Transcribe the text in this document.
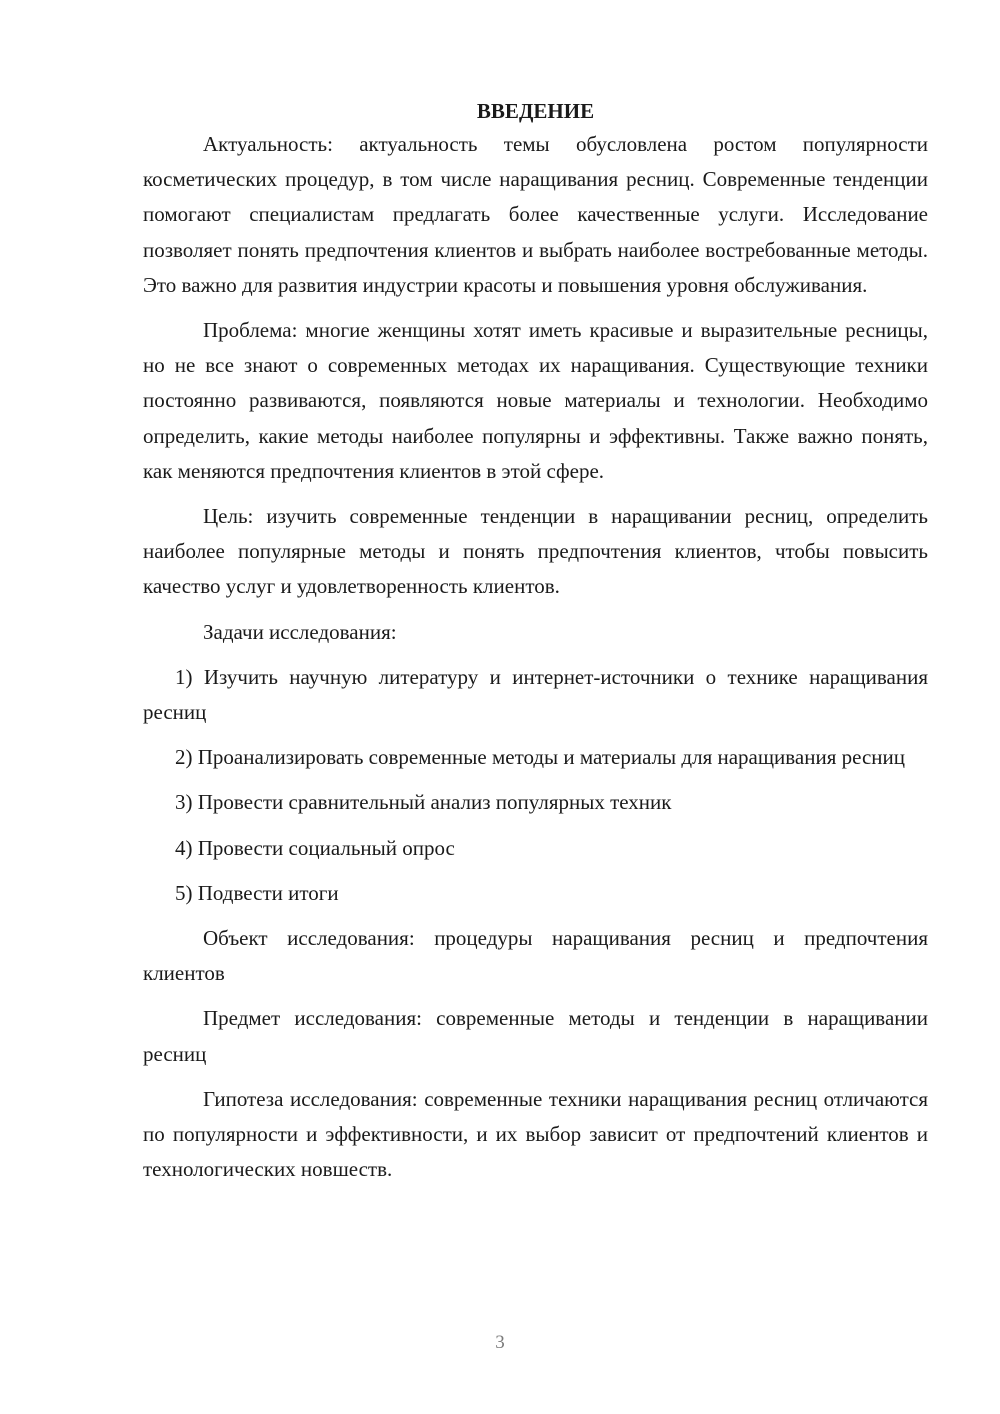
ВВЕДЕНИЕ

Актуальность: актуальность темы обусловлена ростом популярности косметических процедур, в том числе наращивания ресниц. Современные тенденции помогают специалистам предлагать более качественные услуги. Исследование позволяет понять предпочтения клиентов и выбрать наиболее востребованные методы. Это важно для развития индустрии красоты и повышения уровня обслуживания.

Проблема: многие женщины хотят иметь красивые и выразительные ресницы, но не все знают о современных методах их наращивания. Существующие техники постоянно развиваются, появляются новые материалы и технологии. Необходимо определить, какие методы наиболее популярны и эффективны. Также важно понять, как меняются предпочтения клиентов в этой сфере.

Цель: изучить современные тенденции в наращивании ресниц, определить наиболее популярные методы и понять предпочтения клиентов, чтобы повысить качество услуг и удовлетворенность клиентов.

Задачи исследования:

1) Изучить научную литературу и интернет-источники о технике наращивания ресниц

2) Проанализировать современные методы и материалы для наращивания ресниц

3) Провести сравнительный анализ популярных техник

4) Провести социальный опрос

5) Подвести итоги

Объект исследования: процедуры наращивания ресниц и предпочтения клиентов

Предмет исследования: современные методы и тенденции в наращивании ресниц

Гипотеза исследования: современные техники наращивания ресниц отличаются по популярности и эффективности, и их выбор зависит от предпочтений клиентов и технологических новшеств.

3
